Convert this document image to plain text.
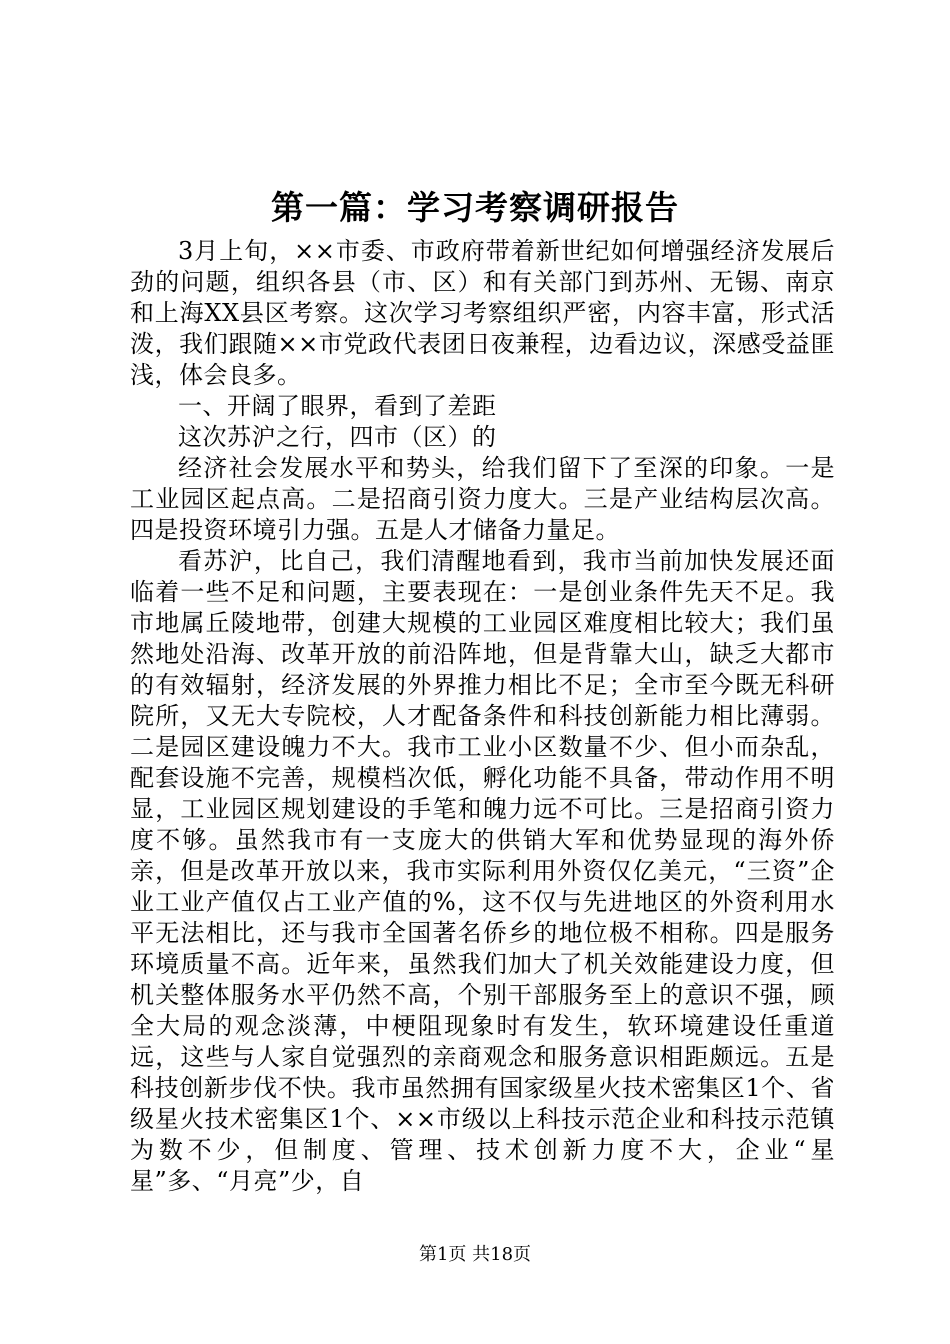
第一篇：学习考察调研报告

3月上旬，××市委、市政府带着新世纪如何增强经济发展后劲的问题，组织各县（市、区）和有关部门到苏州、无锡、南京和上海XX县区考察。这次学习考察组织严密，内容丰富，形式活泼，我们跟随××市党政代表团日夜兼程，边看边议，深感受益匪浅，体会良多。

一、开阔了眼界，看到了差距

这次苏沪之行，四市（区）的

经济社会发展水平和势头，给我们留下了至深的印象。一是工业园区起点高。二是招商引资力度大。三是产业结构层次高。四是投资环境引力强。五是人才储备力量足。

看苏沪，比自己，我们清醒地看到，我市当前加快发展还面临着一些不足和问题，主要表现在：一是创业条件先天不足。我市地属丘陵地带，创建大规模的工业园区难度相比较大；我们虽然地处沿海、改革开放的前沿阵地，但是背靠大山，缺乏大都市的有效辐射，经济发展的外界推力相比不足；全市至今既无科研院所，又无大专院校，人才配备条件和科技创新能力相比薄弱。二是园区建设魄力不大。我市工业小区数量不少、但小而杂乱，配套设施不完善，规模档次低，孵化功能不具备，带动作用不明显，工业园区规划建设的手笔和魄力远不可比。三是招商引资力度不够。虽然我市有一支庞大的供销大军和优势显现的海外侨亲，但是改革开放以来，我市实际利用外资仅亿美元，“三资”企业工业产值仅占工业产值的%，这不仅与先进地区的外资利用水平无法相比，还与我市全国著名侨乡的地位极不相称。四是服务环境质量不高。近年来，虽然我们加大了机关效能建设力度，但机关整体服务水平仍然不高，个别干部服务至上的意识不强，顾全大局的观念淡薄，中梗阻现象时有发生，软环境建设任重道远，这些与人家自觉强烈的亲商观念和服务意识相距颇远。五是科技创新步伐不快。我市虽然拥有国家级星火技术密集区1个、省级星火技术密集区1个、××市级以上科技示范企业和科技示范镇为数不少，但制度、管理、技术创新力度不大，企业“星星”多、“月亮”少，自

第1页 共18页
